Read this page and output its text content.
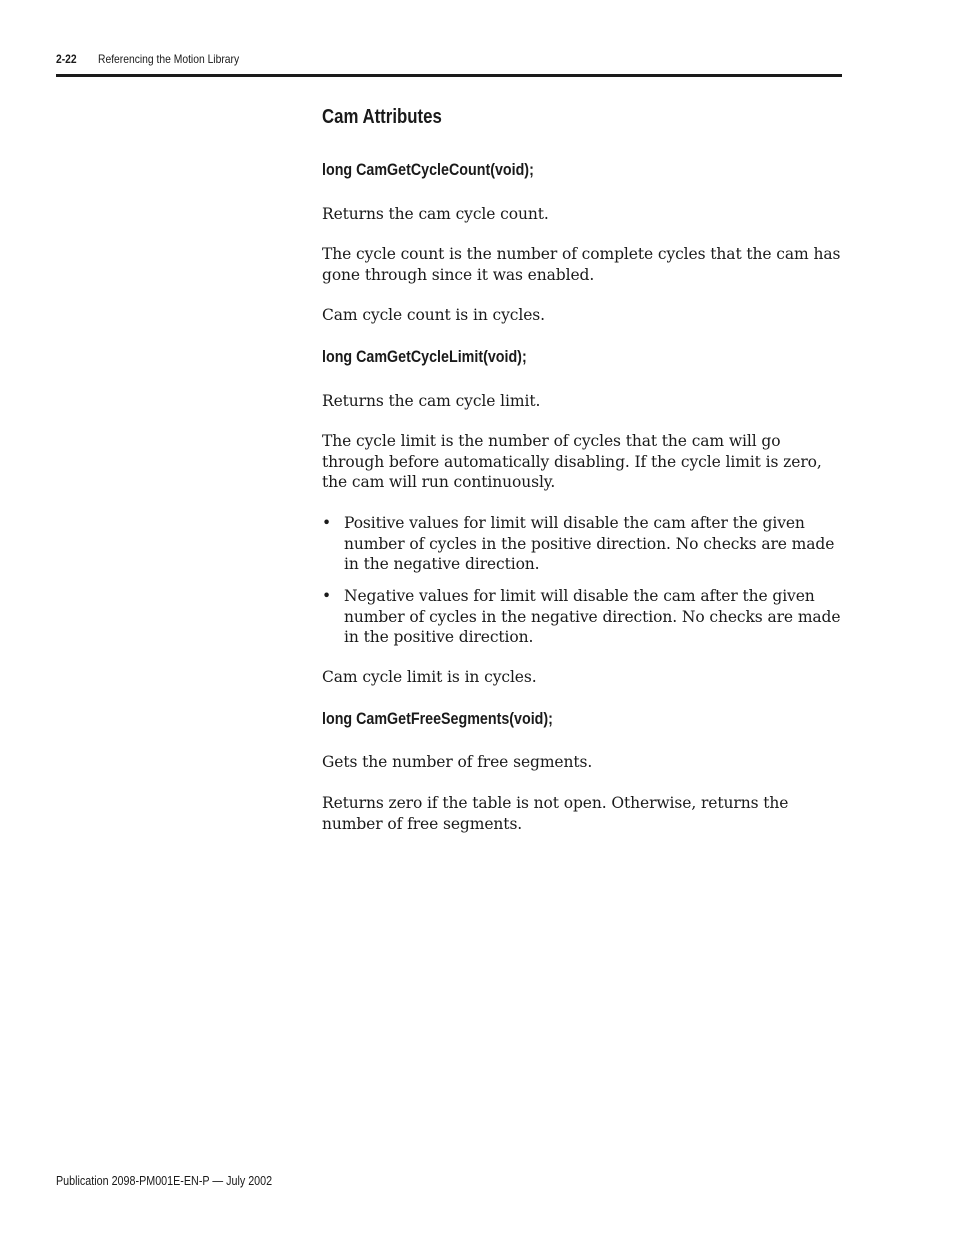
2-22 Referencing the Motion Library
Cam Attributes
long CamGetCycleCount(void);
Returns the cam cycle count.
The cycle count is the number of complete cycles that the cam has gone through since it was enabled.
Cam cycle count is in cycles.
long CamGetCycleLimit(void);
Returns the cam cycle limit.
The cycle limit is the number of cycles that the cam will go through before automatically disabling. If the cycle limit is zero, the cam will run continuously.
• Positive values for limit will disable the cam after the given number of cycles in the positive direction. No checks are made in the negative direction.
• Negative values for limit will disable the cam after the given number of cycles in the negative direction. No checks are made in the positive direction.
Cam cycle limit is in cycles.
long CamGetFreeSegments(void);
Gets the number of free segments.
Returns zero if the table is not open. Otherwise, returns the number of free segments.
Publication 2098-PM001E-EN-P — July 2002
